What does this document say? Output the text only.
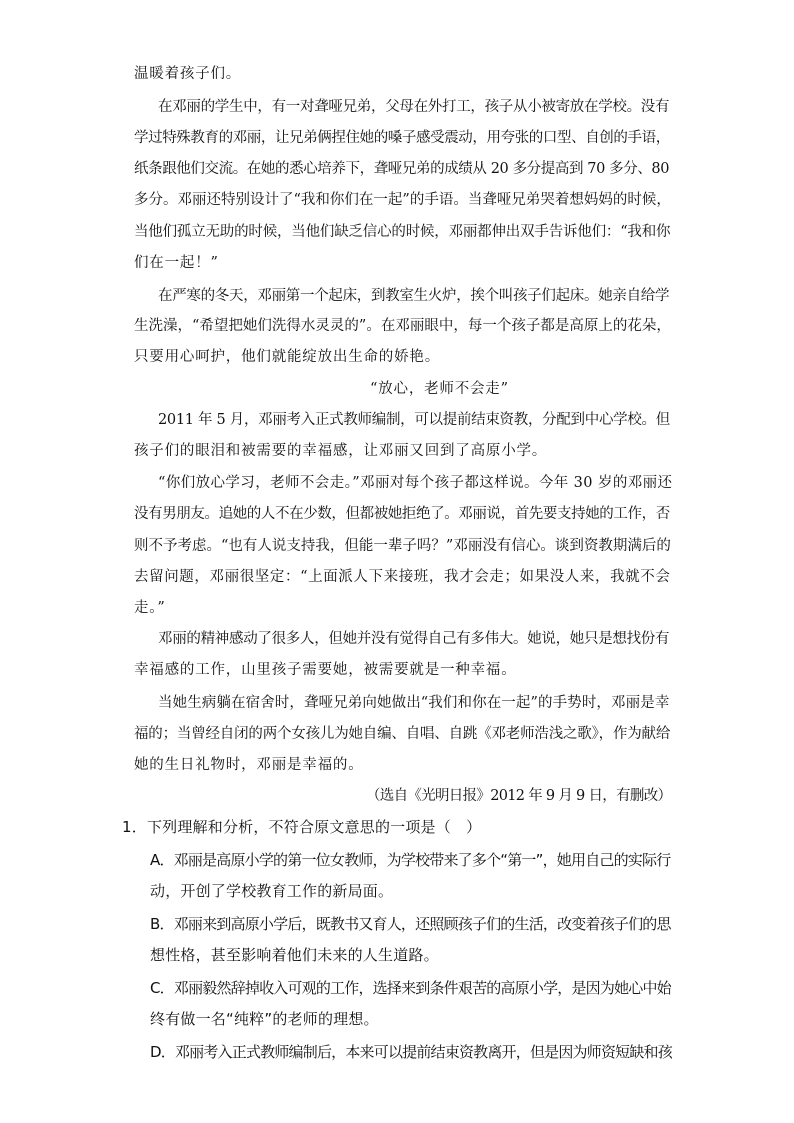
温暖着孩子们。
在邓丽的学生中，有一对聋哑兄弟，父母在外打工，孩子从小被寄放在学校。没有
学过特殊教育的邓丽，让兄弟俩捏住她的嗓子感受震动，用夸张的口型、自创的手语，
纸条跟他们交流。在她的悉心培养下，聋哑兄弟的成绩从 20 多分提高到 70 多分、80
多分。邓丽还特别设计了“我和你们在一起”的手语。当聋哑兄弟哭着想妈妈的时候，
当他们孤立无助的时候，当他们缺乏信心的时候，邓丽都伸出双手告诉他们：“我和你
们在一起！”
在严寒的冬天，邓丽第一个起床，到教室生火炉，挨个叫孩子们起床。她亲自给学
生洗澡，“希望把她们洗得水灵灵的”。在邓丽眼中，每一个孩子都是高原上的花朵，
只要用心呵护，他们就能绽放出生命的娇艳。
“放心，老师不会走”
2011 年 5 月，邓丽考入正式教师编制，可以提前结束资教，分配到中心学校。但
孩子们的眼泪和被需要的幸福感，让邓丽又回到了高原小学。
“你们放心学习，老师不会走。”邓丽对每个孩子都这样说。今年 30 岁的邓丽还
没有男朋友。追她的人不在少数，但都被她拒绝了。邓丽说，首先要支持她的工作，否
则不予考虑。“也有人说支持我，但能一辈子吗？”邓丽没有信心。谈到资教期满后的
去留问题，邓丽很坚定：“上面派人下来接班，我才会走；如果没人来，我就不会
走。”
邓丽的精神感动了很多人，但她并没有觉得自己有多伟大。她说，她只是想找份有
幸福感的工作，山里孩子需要她，被需要就是一种幸福。
当她生病躺在宿舍时，聋哑兄弟向她做出“我们和你在一起”的手势时，邓丽是幸
福的；当曾经自闭的两个女孩儿为她自编、自唱、自跳《邓老师浩浅之歌》，作为献给
她的生日礼物时，邓丽是幸福的。
（选自《光明日报》2012 年 9 月 9 日，有删改）
1．下列理解和分析，不符合原文意思的一项是（　）
A．邓丽是高原小学的第一位女教师，为学校带来了多个“第一”，她用自己的实际行
动，开创了学校教育工作的新局面。
B．邓丽来到高原小学后，既教书又育人，还照顾孩子们的生活，改变着孩子们的思
想性格，甚至影响着他们未来的人生道路。
C．邓丽毅然辞掉收入可观的工作，选择来到条件艰苦的高原小学，是因为她心中始
终有做一名“纯粹”的老师的理想。
D．邓丽考入正式教师编制后，本来可以提前结束资教离开，但是因为师资短缺和孩
